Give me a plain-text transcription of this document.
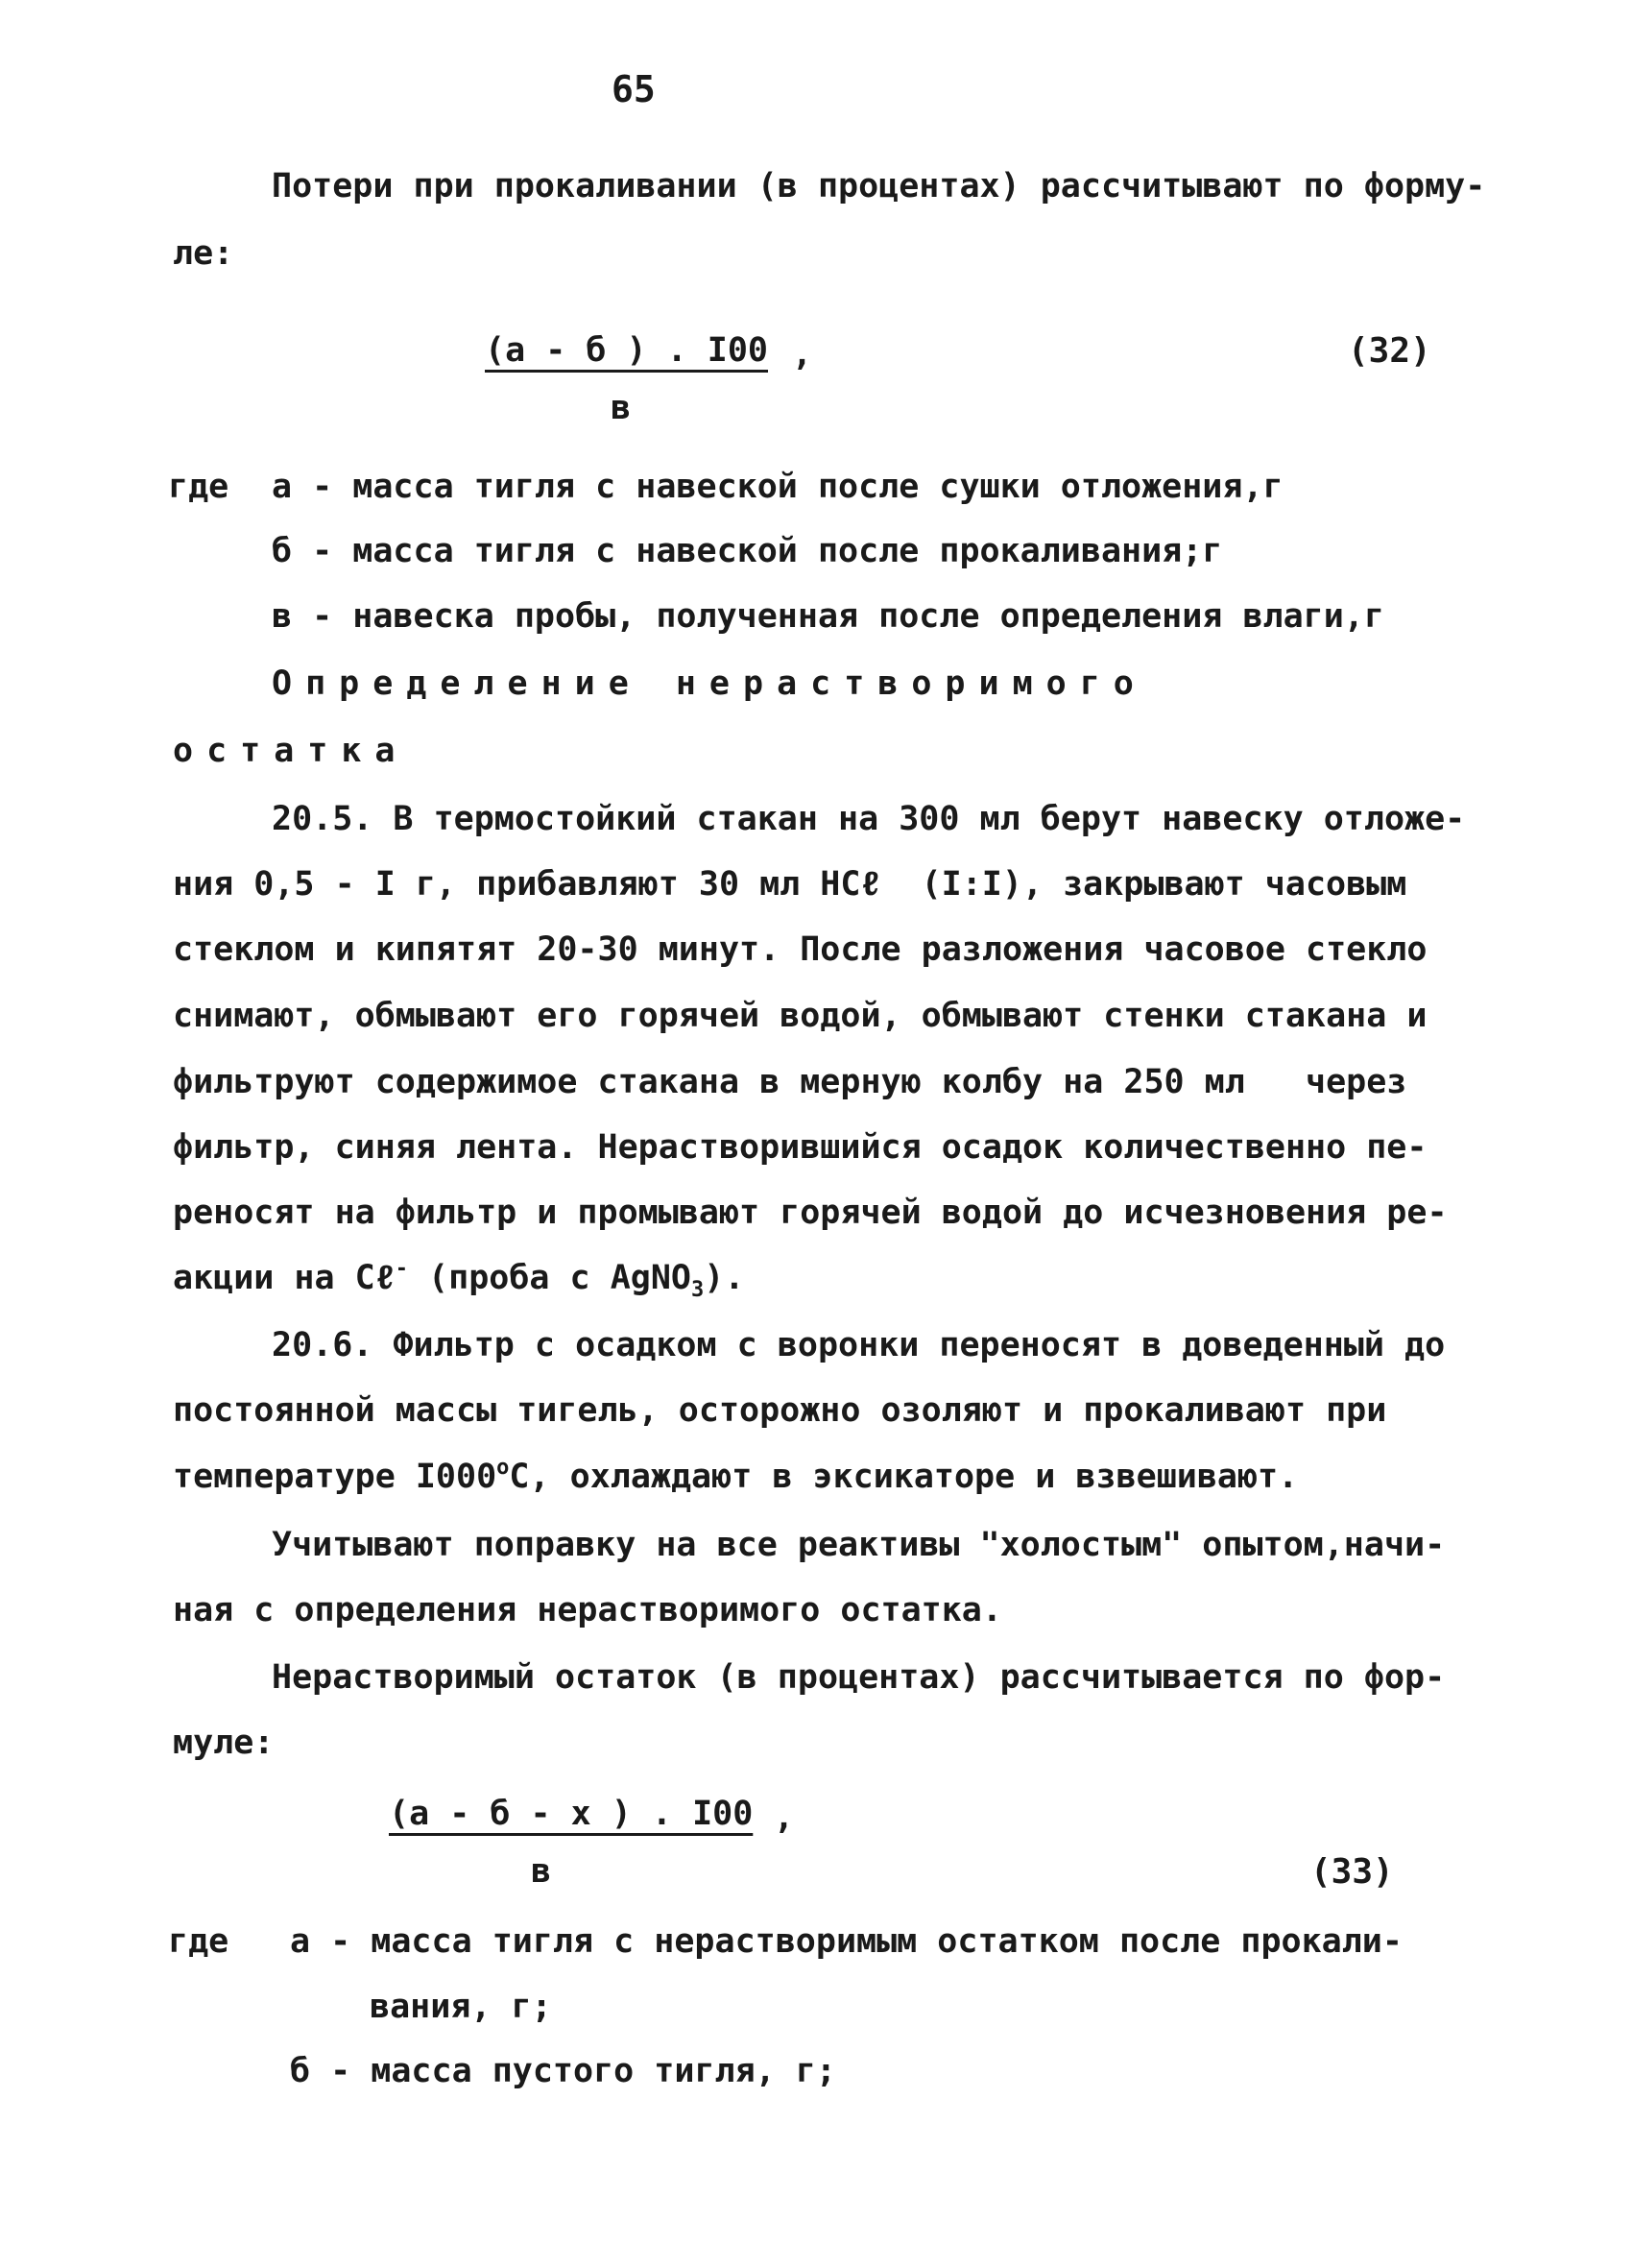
65
Потери при прокаливании (в процентах) рассчитывают по форму-
ле:
(а - б ) . I00 ,
в
(32)
где а - масса тигля с навеской после сушки отложения,г
б - масса тигля с навеской после прокаливания;г
в - навеска пробы, полученная после определения влаги,г
Определение нерастворимого
остатка
20.5. В термостойкий стакан на 300 мл берут навеску отложе-
ния 0,5 - I г, прибавляют 30 мл НСℓ  (I:I), закрывают часовым
стеклом и кипятят 20-30 минут. После разложения часовое стекло
снимают, обмывают его горячей водой, обмывают стенки стакана и
фильтруют содержимое стакана в мерную колбу на 250 мл   через
фильтр, синяя лента. Нерастворившийся осадок количественно пе-
реносят на фильтр и промывают горячей водой до исчезновения ре-
акции на Cℓ- (проба с AgNO$_3$).
20.6. Фильтр с осадком с воронки переносят в доведенный до
постоянной массы тигель, осторожно озоляют и прокаливают при
температуре $I000^оС$, охлаждают в эксикаторе и взвешивают.
Учитывают поправку на все реактивы "холостым" опытом,начи-
ная с определения нерастворимого остатка.
Нерастворимый остаток (в процентах) рассчитывается по фор-
муле:
(а - б - х ) . I00 ,
в	(33)
где а - масса тигля с нерастворимым остатком после прокали-
вания, г;
б - масса пустого тигля, г;
